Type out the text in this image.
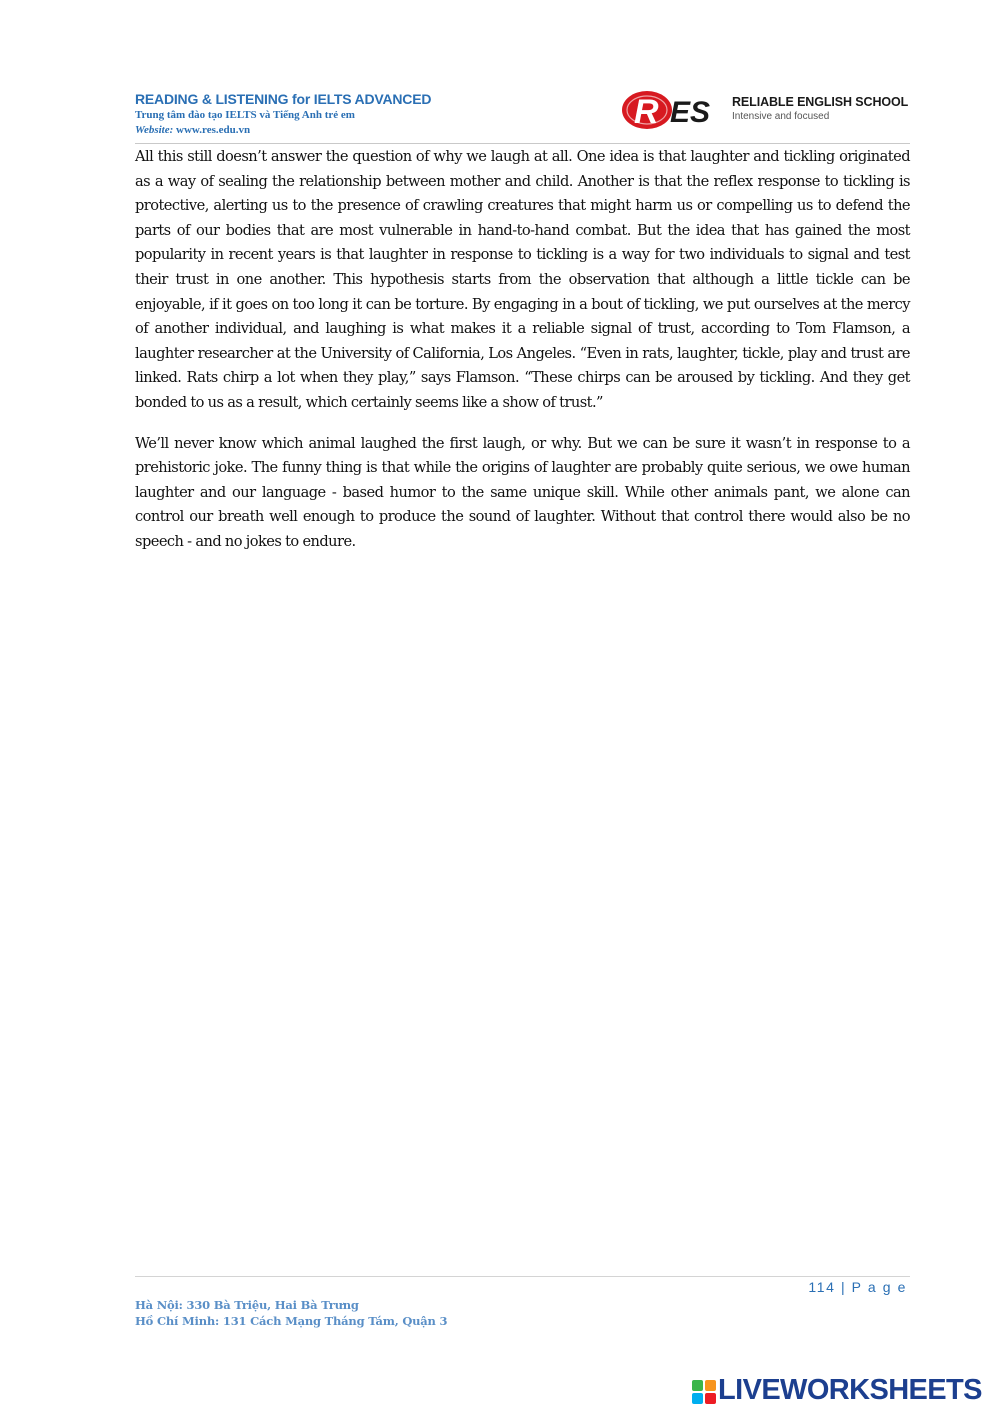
READING & LISTENING for IELTS ADVANCED
Trung tâm đào tạo IELTS và Tiếng Anh trẻ em
Website: www.res.edu.vn	R ES RELIABLE ENGLISH SCHOOL
Intensive and focused

All this still doesn’t answer the question of why we laugh at all. One idea is that laughter and tickling originated as a way of sealing the relationship between mother and child. Another is that the reflex response to tickling is protective, alerting us to the presence of crawling creatures that might harm us or compelling us to defend the parts of our bodies that are most vulnerable in hand-to-hand combat. But the idea that has gained the most popularity in recent years is that laughter in response to tickling is a way for two individuals to signal and test their trust in one another. This hypothesis starts from the observation that although a little tickle can be enjoyable, if it goes on too long it can be torture. By engaging in a bout of tickling, we put ourselves at the mercy of another individual, and laughing is what makes it a reliable signal of trust, according to Tom Flamson, a laughter researcher at the University of California, Los Angeles. “Even in rats, laughter, tickle, play and trust are linked. Rats chirp a lot when they play,” says Flamson. “These chirps can be aroused by tickling. And they get bonded to us as a result, which certainly seems like a show of trust.”

We’ll never know which animal laughed the first laugh, or why. But we can be sure it wasn’t in response to a prehistoric joke. The funny thing is that while the origins of laughter are probably quite serious, we owe human laughter and our language - based humor to the same unique skill. While other animals pant, we alone can control our breath well enough to produce the sound of laughter. Without that control there would also be no speech - and no jokes to endure.

114 | P a g e
Hà Nội: 330 Bà Triệu, Hai Bà Trưng
Hồ Chí Minh: 131 Cách Mạng Tháng Tám, Quận 3
LIVEWORKSHEETS
